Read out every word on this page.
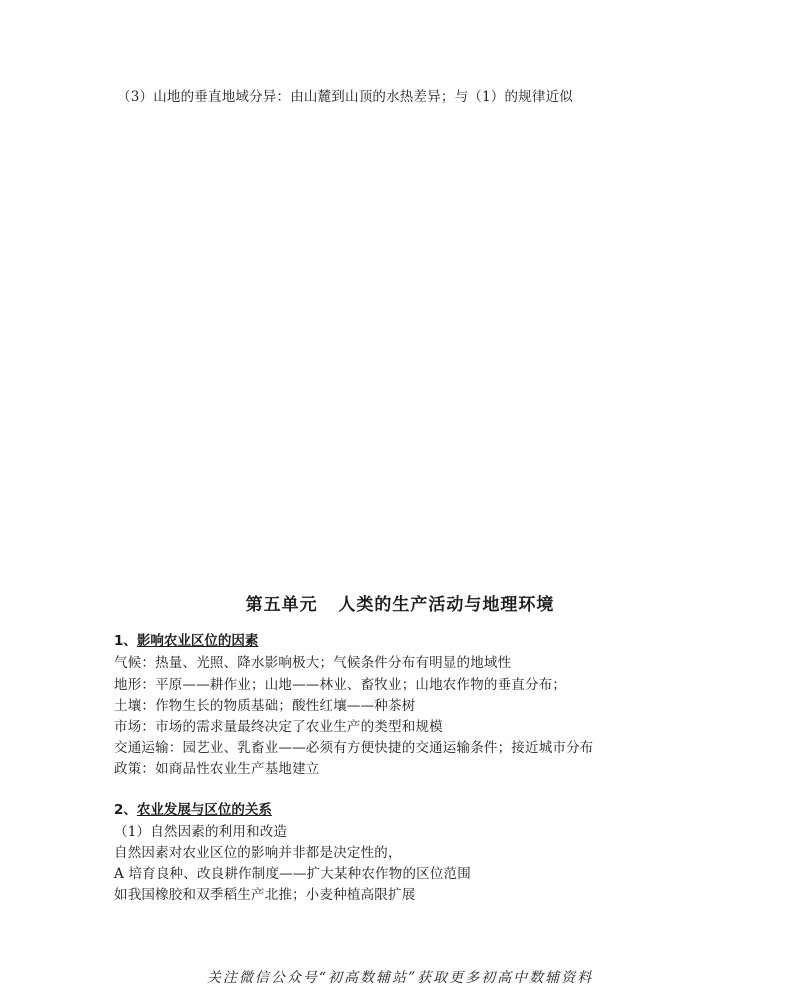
（3）山地的垂直地域分异：由山麓到山顶的水热差异；与（1）的规律近似
第五单元   人类的生产活动与地理环境
1、影响农业区位的因素
气候：热量、光照、降水影响极大；气候条件分布有明显的地域性
地形：平原——耕作业；山地——林业、畜牧业；山地农作物的垂直分布；
土壤：作物生长的物质基础；酸性红壤——种茶树
市场：市场的需求量最终决定了农业生产的类型和规模
交通运输：园艺业、乳畜业——必须有方便快捷的交通运输条件；接近城市分布
政策：如商品性农业生产基地建立
2、农业发展与区位的关系
（1）自然因素的利用和改造
自然因素对农业区位的影响并非都是决定性的，
A 培育良种、改良耕作制度——扩大某种农作物的区位范围
如我国橡胶和双季稻生产北推；小麦种植高限扩展
关注微信公众号“初高数辅站”获取更多初高中数辅资料
